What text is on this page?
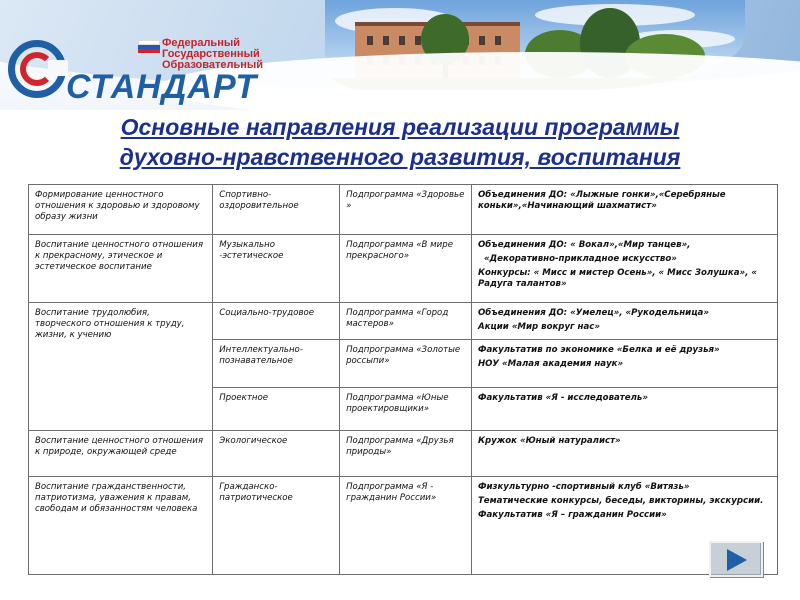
Федеральный
Государственный
Образовательный
СТАНДАРТ
Основные направления реализации программы
духовно-нравственного развития, воспитания
Формирование ценностного отношения к здоровью и здоровому образу жизни	Спортивно-оздоровительное	Подпрограмма «Здоровье »	Объединения ДО: «Лыжные гонки»,«Серебряные коньки»,«Начинающий шахматист»

Воспитание ценностного отношения к прекрасному, этическое и эстетическое воспитание	Музыкально -эстетическое	Подпрограмма «В мире прекрасного»	Объединения ДО: « Вокал»,«Мир танцев»,

«Декоративно-прикладное искусство»

Конкурсы: « Мисс и мистер Осень», « Мисс Золушка», « Радуга талантов»

Воспитание трудолюбия, творческого отношения к труду, жизни, к учению	Социально-трудовое	Подпрограмма «Город мастеров»	Объединения ДО: «Умелец», «Рукодельница»

Акции «Мир вокруг нас»

	Интеллектуально-познавательное	Подпрограмма «Золотые россыпи»	Факультатив по экономике «Белка и её друзья»

НОУ «Малая академия наук»

	Проектное	Подпрограмма «Юные проектировщики»	Факультатив «Я - исследователь»

Воспитание ценностного отношения к природе, окружающей среде	Экологическое	Подпрограмма «Друзья природы»	Кружок «Юный натуралист»

Воспитание гражданственности, патриотизма, уважения к правам, свободам и обязанностям человека	Гражданско-патриотическое	Подпрограмма «Я - гражданин России»	Физкультурно -спортивный клуб «Витязь»

Тематические конкурсы, беседы, викторины, экскурсии.

Факультатив «Я – гражданин России»
